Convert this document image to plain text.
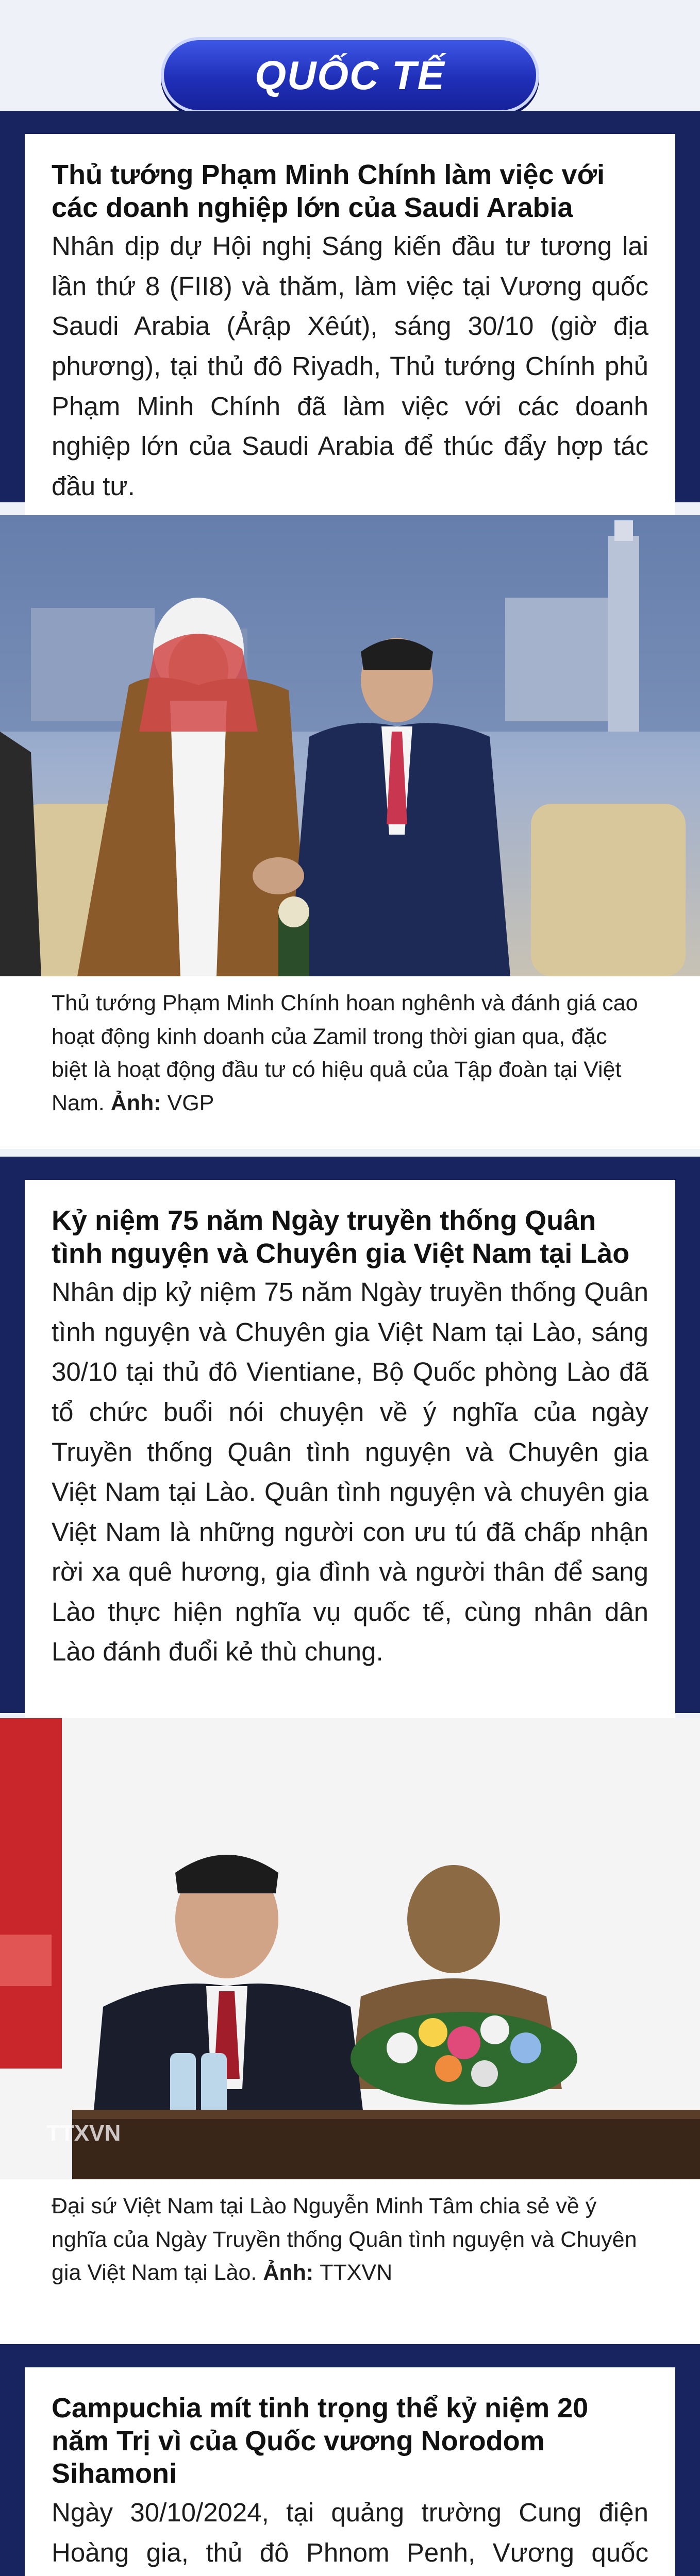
QUỐC TẾ
Thủ tướng Phạm Minh Chính làm việc với các doanh nghiệp lớn của Saudi Arabia

Nhân dịp dự Hội nghị Sáng kiến đầu tư tương lai lần thứ 8 (FII8) và thăm, làm việc tại Vương quốc Saudi Arabia (Ảrập Xêút), sáng 30/10 (giờ địa phương), tại thủ đô Riyadh, Thủ tướng Chính phủ Phạm Minh Chính đã làm việc với các doanh nghiệp lớn của Saudi Arabia để thúc đẩy hợp tác đầu tư.

Thủ tướng Phạm Minh Chính hoan nghênh và đánh giá cao hoạt động kinh doanh của Zamil trong thời gian qua, đặc biệt là hoạt động đầu tư có hiệu quả của Tập đoàn tại Việt Nam. Ảnh: VGP
Kỷ niệm 75 năm Ngày truyền thống Quân tình nguyện và Chuyên gia Việt Nam tại Lào

Nhân dịp kỷ niệm 75 năm Ngày truyền thống Quân tình nguyện và Chuyên gia Việt Nam tại Lào, sáng 30/10 tại thủ đô Vientiane, Bộ Quốc phòng Lào đã tổ chức buổi nói chuyện về ý nghĩa của ngày Truyền thống Quân tình nguyện và Chuyên gia Việt Nam tại Lào. Quân tình nguyện và chuyên gia Việt Nam là những người con ưu tú đã chấp nhận rời xa quê hương, gia đình và người thân để sang Lào thực hiện nghĩa vụ quốc tế, cùng nhân dân Lào đánh đuổi kẻ thù chung.

TTXVN
Đại sứ Việt Nam tại Lào Nguyễn Minh Tâm chia sẻ về ý nghĩa của Ngày Truyền thống Quân tình nguyện và Chuyên gia Việt Nam tại Lào. Ảnh: TTXVN
Campuchia mít tinh trọng thể kỷ niệm 20 năm Trị vì của Quốc vương Norodom Sihamoni

Ngày 30/10/2024, tại quảng trường Cung điện Hoàng gia, thủ đô Phnom Penh, Vương quốc
